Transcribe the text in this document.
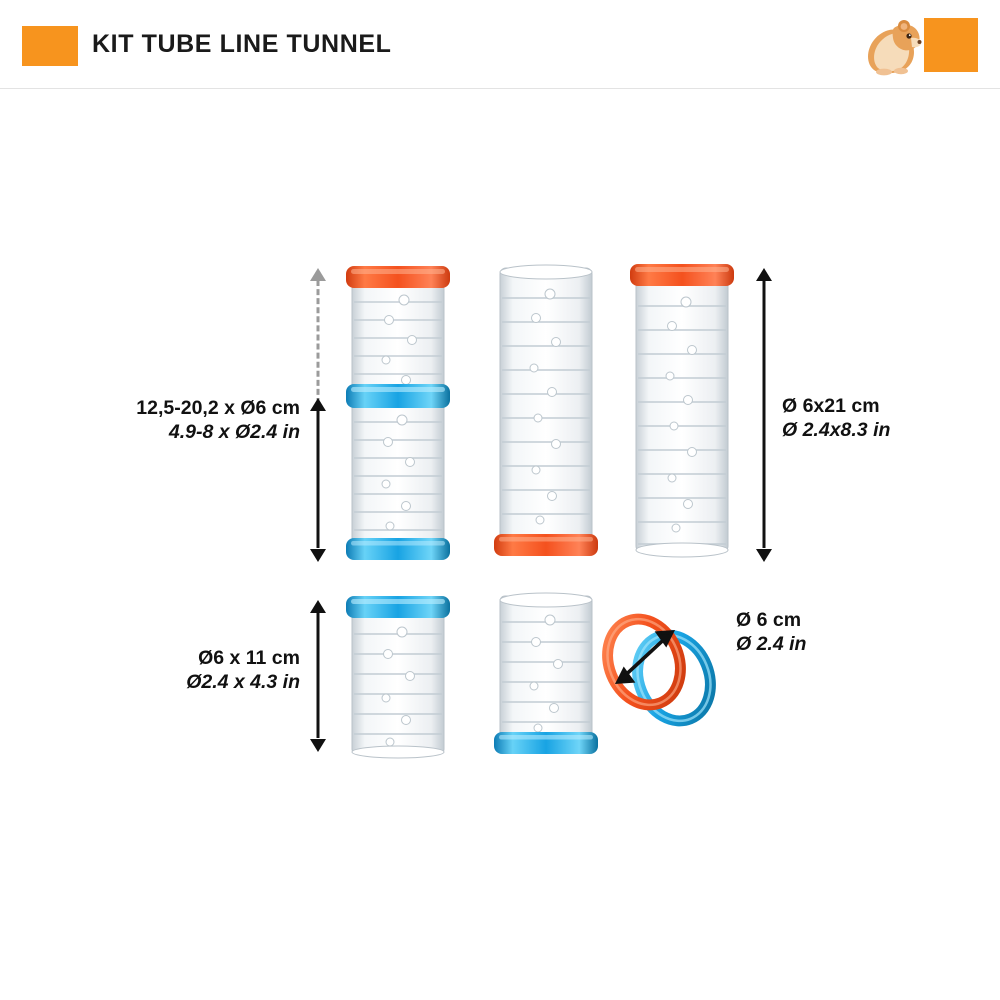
KIT TUBE LINE TUNNEL
12,5-20,2 x Ø6 cm
4.9-8 x Ø2.4 in
Ø 6x21 cm
Ø 2.4x8.3 in
Ø6 x 11 cm
Ø2.4 x 4.3 in
Ø 6 cm
Ø 2.4 in
